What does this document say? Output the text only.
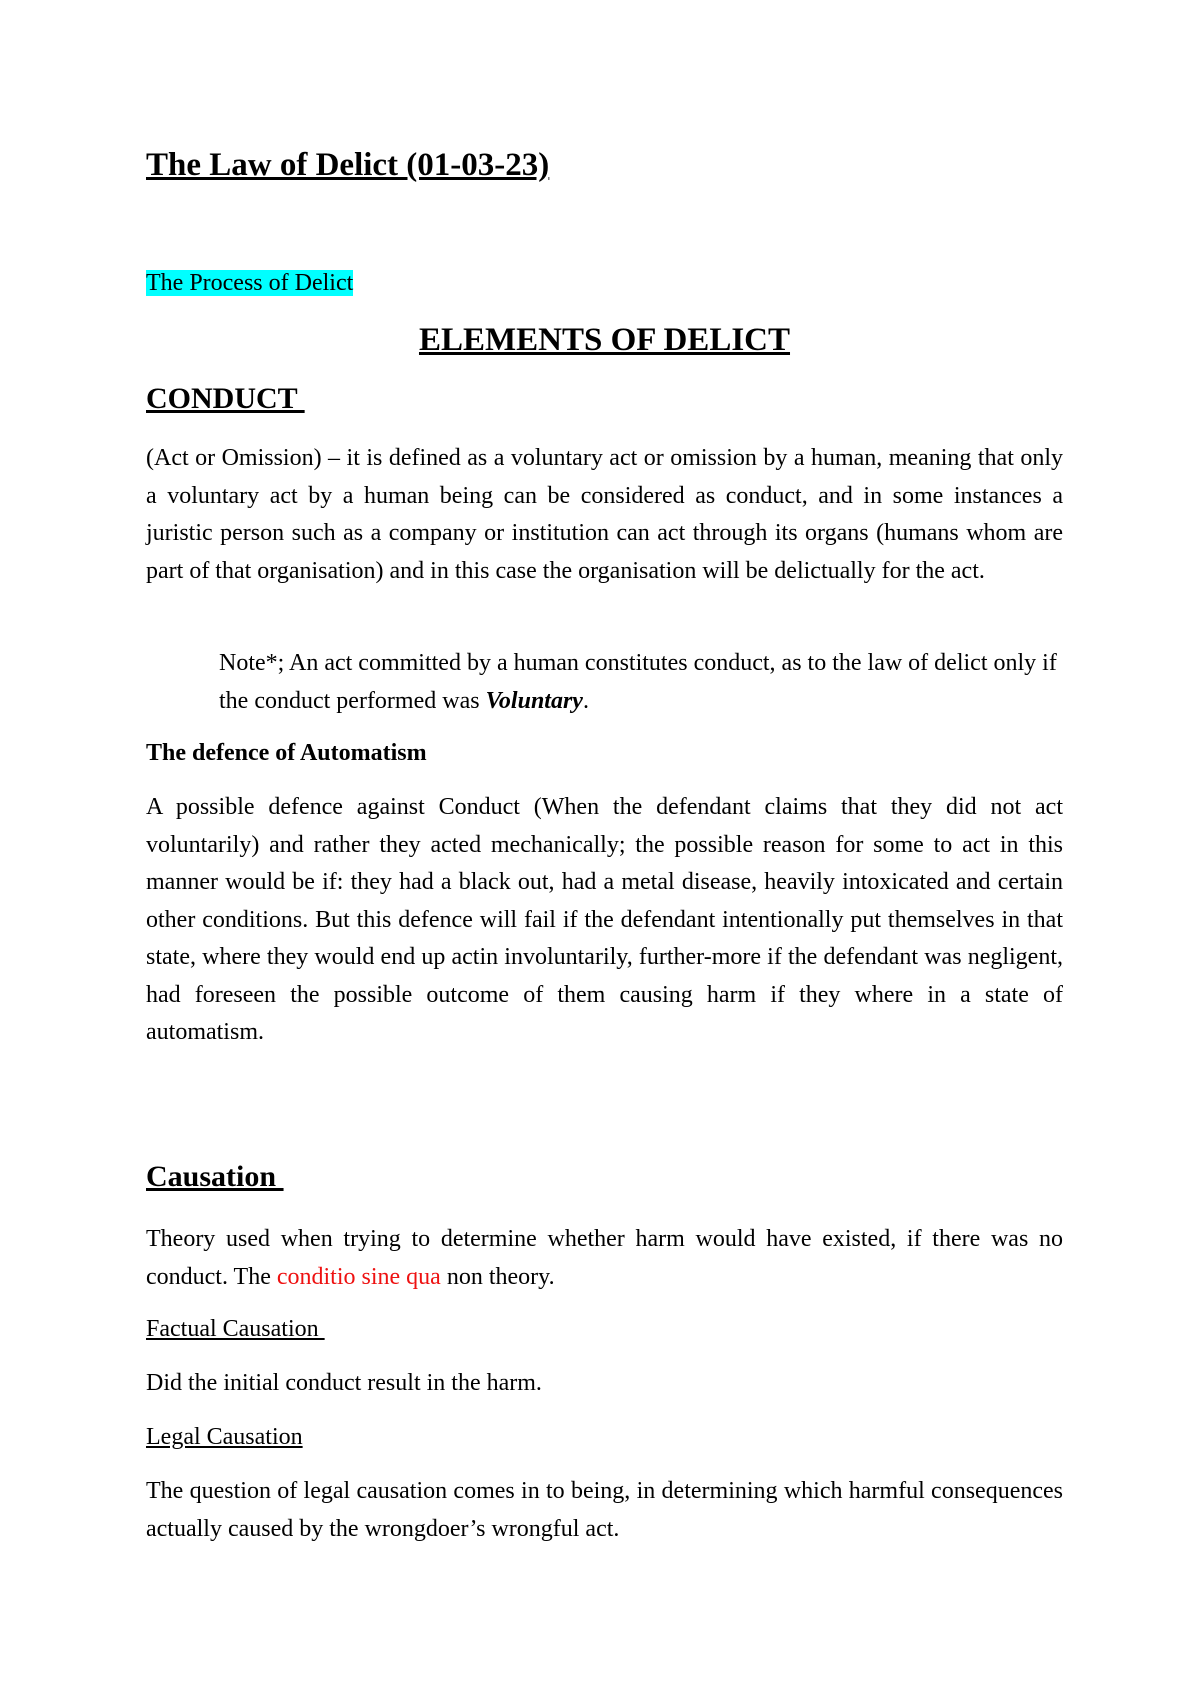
The Law of Delict (01-03-23)

The Process of Delict

ELEMENTS OF DELICT
CONDUCT

(Act or Omission) – it is defined as a voluntary act or omission by a human, meaning that only a voluntary act by a human being can be considered as conduct, and in some instances a juristic person such as a company or institution can act through its organs (humans whom are part of that organisation) and in this case the organisation will be delictually for the act.

Note*; An act committed by a human constitutes conduct, as to the law of delict only if the conduct performed was Voluntary.

The defence of Automatism

A possible defence against Conduct (When the defendant claims that they did not act voluntarily) and rather they acted mechanically; the possible reason for some to act in this manner would be if: they had a black out, had a metal disease, heavily intoxicated and certain other conditions. But this defence will fail if the defendant intentionally put themselves in that state, where they would end up actin involuntarily, further-more if the defendant was negligent, had foreseen the possible outcome of them causing harm if they where in a state of automatism.

Causation

Theory used when trying to determine whether harm would have existed, if there was no conduct. The conditio sine qua non theory.

Factual Causation

Did the initial conduct result in the harm.

Legal Causation

The question of legal causation comes in to being, in determining which harmful consequences actually caused by the wrongdoer’s wrongful act.
